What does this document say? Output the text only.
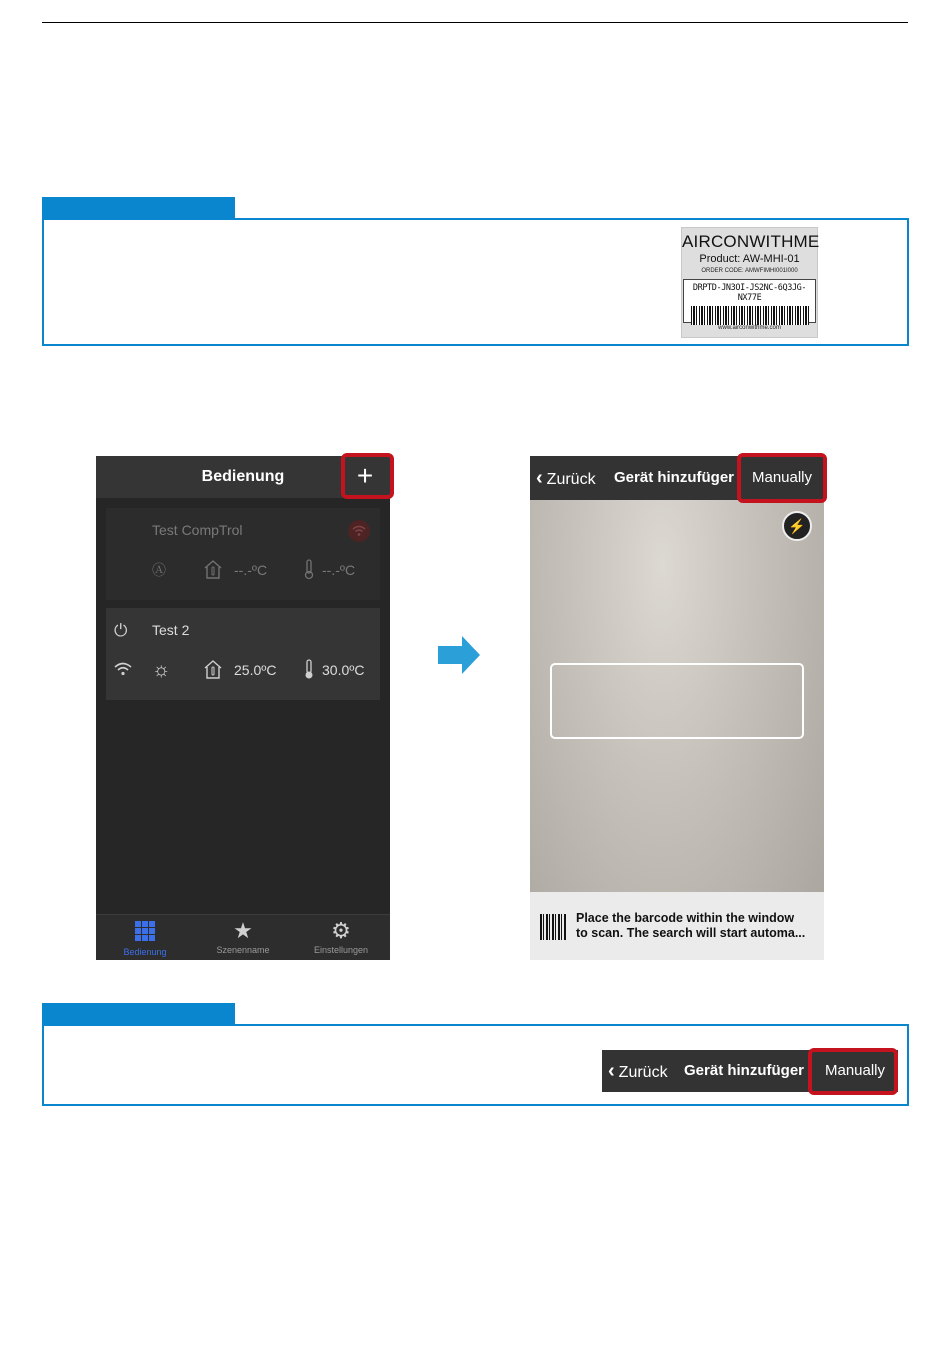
AIRCONWITHME
Product: AW-MHI-01
ORDER CODE: AMWFIMHI001I000
DRPTD-JN3OI-JS2NC-6Q3JG-NX77E
www.airconwithme.com
Bedienung	+
Test CompTrol
Ⓐ	--.-ºC	--.-ºC
⏻ Test 2
☼	25.0ºC	30.0ºC
Bedienung
★
Szenenname
⚙
Einstellungen
‹ Zurück Gerät hinzufüger	Manually
⚡
Place the barcode within the window
to scan. The search will start automa...
‹ Zurück Gerät hinzufüger	Manually
